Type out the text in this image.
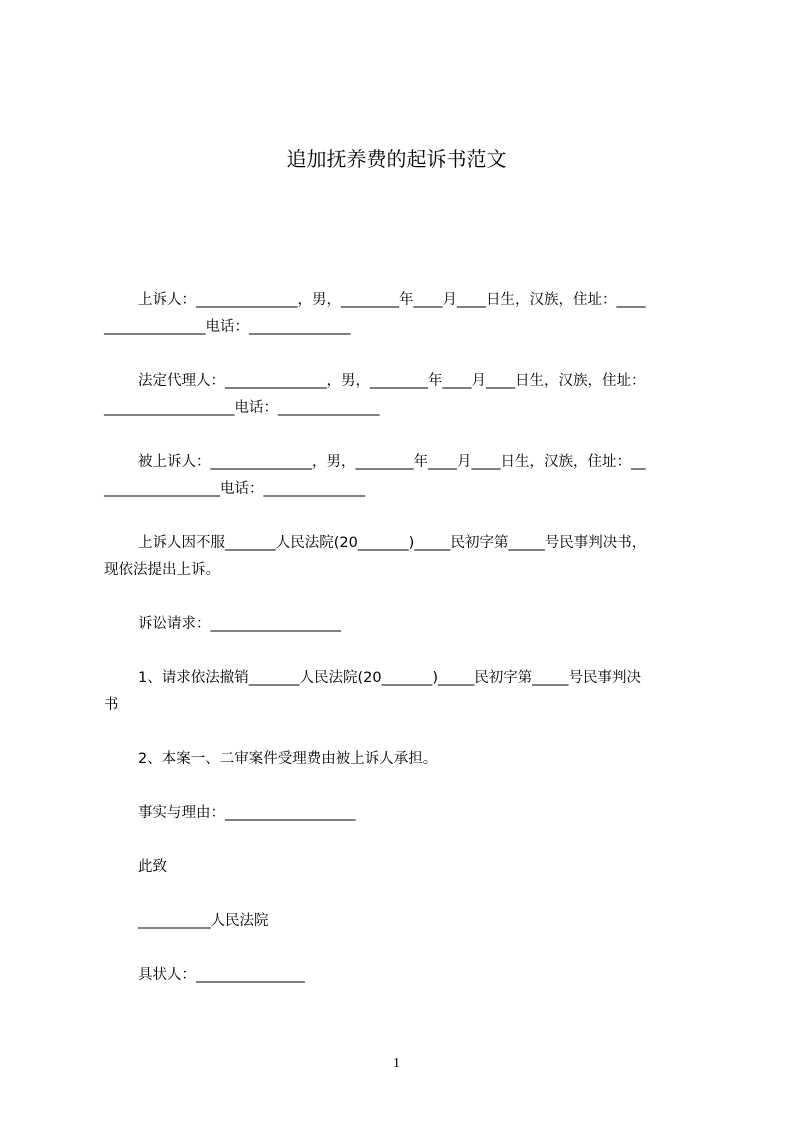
追加抚养费的起诉书范文
上诉人：______________，男，________年____月____日生，汉族，住址：____
______________电话：______________
法定代理人：______________，男，________年____月____日生，汉族，住址：
__________________电话：______________
被上诉人：______________，男，________年____月____日生，汉族，住址：__
________________电话：______________
上诉人因不服_______人民法院(20_______)_____民初字第_____号民事判决书，
现依法提出上诉。
诉讼请求：__________________
1、请求依法撤销_______人民法院(20_______)_____民初字第_____号民事判决
书
2、本案一、二审案件受理费由被上诉人承担。
事实与理由：__________________
此致
__________人民法院
具状人：_______________
1
